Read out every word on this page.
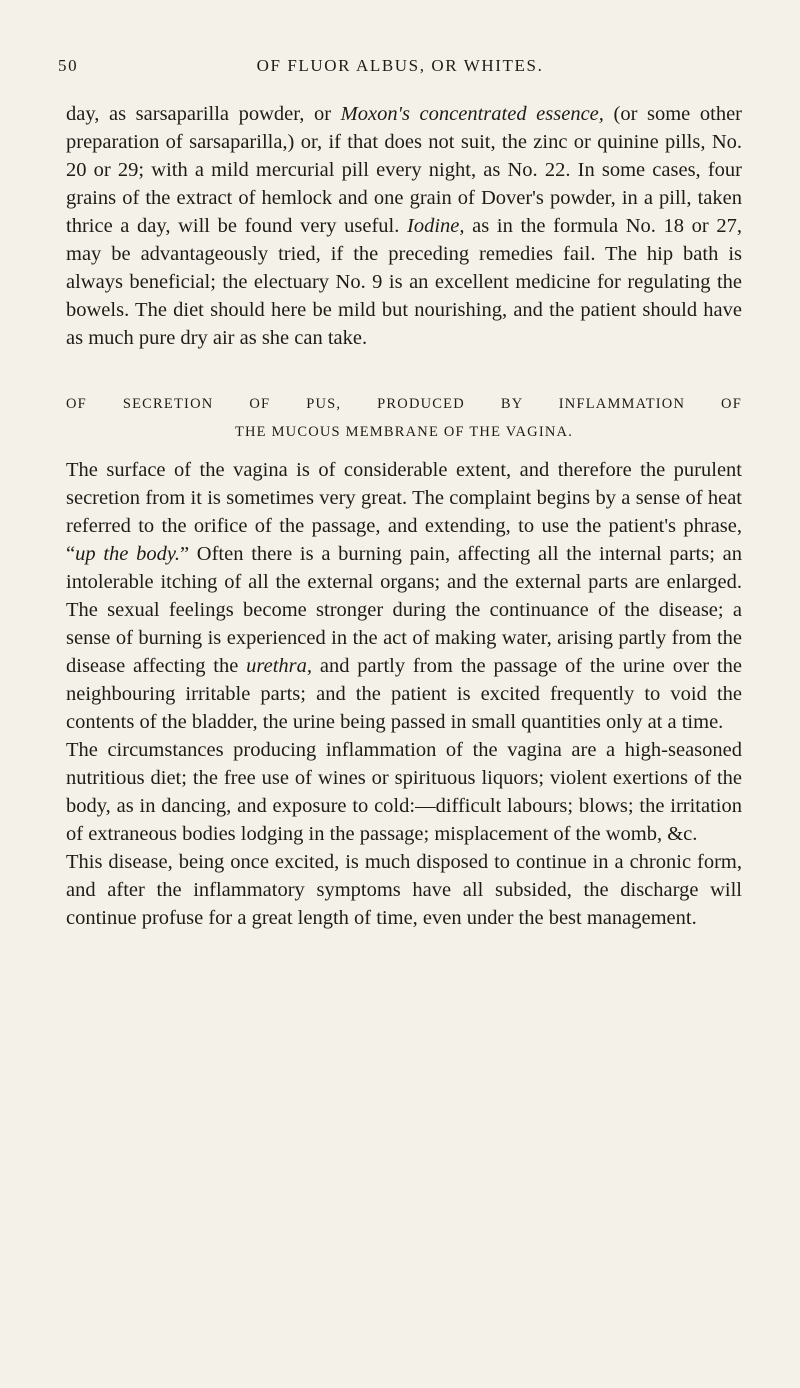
50	OF FLUOR ALBUS, OR WHITES.

day, as sarsaparilla powder, or Moxon's concentrated essence, (or some other preparation of sarsaparilla,) or, if that does not suit, the zinc or quinine pills, No. 20 or 29; with a mild mercurial pill every night, as No. 22. In some cases, four grains of the extract of hemlock and one grain of Dover's powder, in a pill, taken thrice a day, will be found very useful. Iodine, as in the formula No. 18 or 27, may be advantageously tried, if the preceding remedies fail. The hip bath is always beneficial; the electuary No. 9 is an excellent medicine for regulating the bowels. The diet should here be mild but nourishing, and the patient should have as much pure dry air as she can take.

OF SECRETION OF PUS, PRODUCED BY INFLAMMATION OF
THE MUCOUS MEMBRANE OF THE VAGINA.

The surface of the vagina is of considerable extent, and therefore the purulent secretion from it is sometimes very great. The complaint begins by a sense of heat referred to the orifice of the passage, and extending, to use the patient's phrase, “up the body.” Often there is a burning pain, affecting all the internal parts; an intolerable itching of all the external organs; and the external parts are enlarged. The sexual feelings become stronger during the continuance of the disease; a sense of burning is experienced in the act of making water, arising partly from the disease affecting the urethra, and partly from the passage of the urine over the neighbouring irritable parts; and the patient is excited frequently to void the contents of the bladder, the urine being passed in small quantities only at a time.

The circumstances producing inflammation of the vagina are a high-seasoned nutritious diet; the free use of wines or spirituous liquors; violent exertions of the body, as in dancing, and exposure to cold:—difficult labours; blows; the irritation of extraneous bodies lodging in the passage; misplacement of the womb, &c.

This disease, being once excited, is much disposed to continue in a chronic form, and after the inflammatory symptoms have all subsided, the discharge will continue profuse for a great length of time, even under the best management.
